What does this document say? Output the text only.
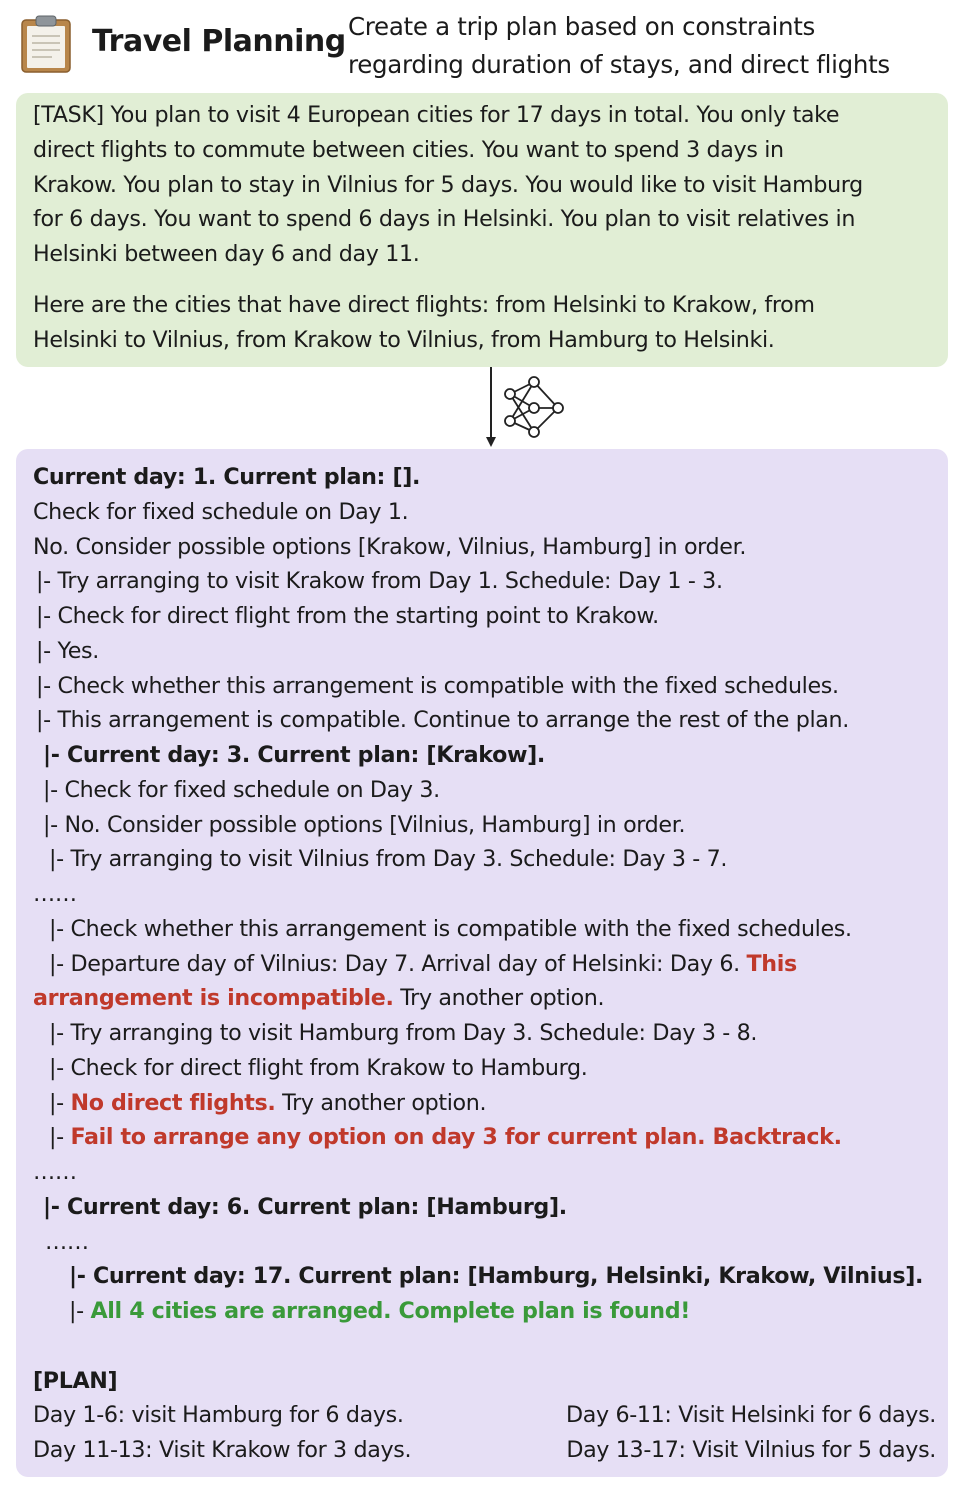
Travel Planning Create a trip plan based on constraints
regarding duration of stays, and direct flights

[TASK] You plan to visit 4 European cities for 17 days in total. You only take
direct flights to commute between cities. You want to spend 3 days in
Krakow. You plan to stay in Vilnius for 5 days. You would like to visit Hamburg
for 6 days. You want to spend 6 days in Helsinki. You plan to visit relatives in
Helsinki between day 6 and day 11.

Here are the cities that have direct flights: from Helsinki to Krakow, from
Helsinki to Vilnius, from Krakow to Vilnius, from Hamburg to Helsinki.

Current day: 1. Current plan: [].
Check for fixed schedule on Day 1.
No. Consider possible options [Krakow, Vilnius, Hamburg] in order.
|- Try arranging to visit Krakow from Day 1. Schedule: Day 1 - 3.
|- Check for direct flight from the starting point to Krakow.
|- Yes.
|- Check whether this arrangement is compatible with the fixed schedules.
|- This arrangement is compatible. Continue to arrange the rest of the plan.
|- Current day: 3. Current plan: [Krakow].
|- Check for fixed schedule on Day 3.
|- No. Consider possible options [Vilnius, Hamburg] in order.
|- Try arranging to visit Vilnius from Day 3. Schedule: Day 3 - 7.
……
|- Check whether this arrangement is compatible with the fixed schedules.
|- Departure day of Vilnius: Day 7. Arrival day of Helsinki: Day 6. This
arrangement is incompatible. Try another option.
|- Try arranging to visit Hamburg from Day 3. Schedule: Day 3 - 8.
|- Check for direct flight from Krakow to Hamburg.
|- No direct flights. Try another option.
|- Fail to arrange any option on day 3 for current plan. Backtrack.
……
|- Current day: 6. Current plan: [Hamburg].
……
|- Current day: 17. Current plan: [Hamburg, Helsinki, Krakow, Vilnius].
|- All 4 cities are arranged. Complete plan is found!
[PLAN]
Day 1-6: visit Hamburg for 6 days.	Day 6-11: Visit Helsinki for 6 days.
Day 11-13: Visit Krakow for 3 days.	Day 13-17: Visit Vilnius for 5 days.
